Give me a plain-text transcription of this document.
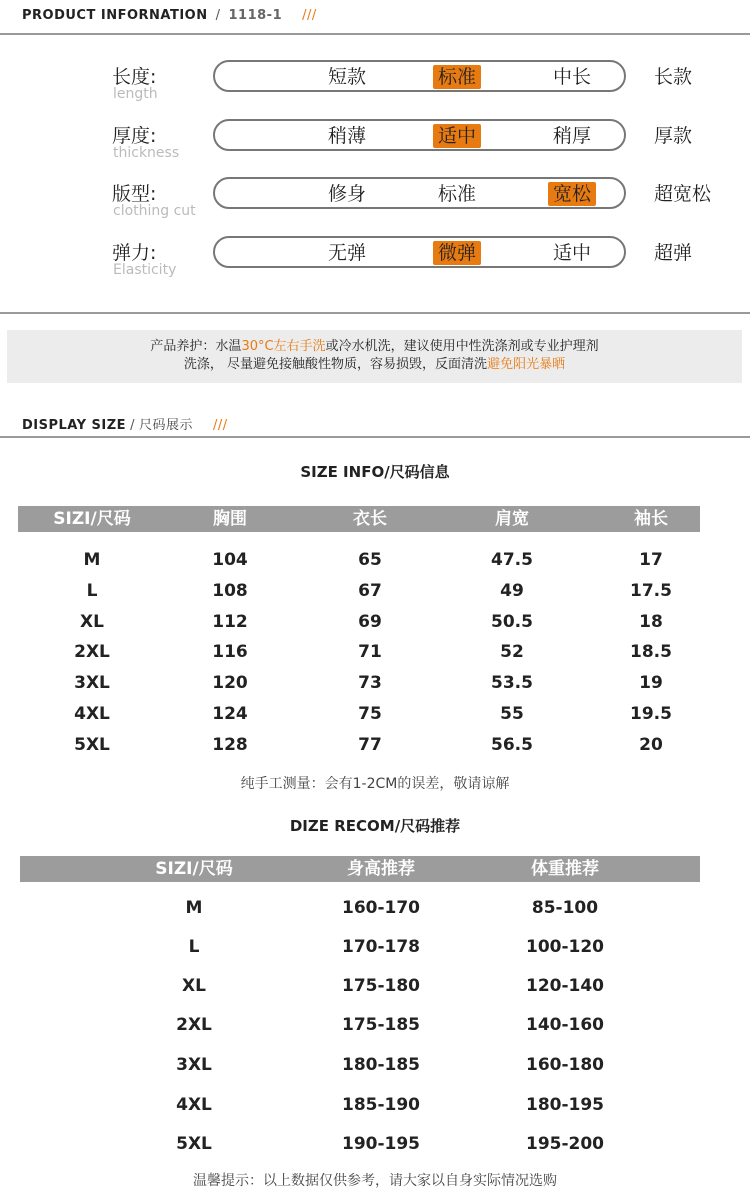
PRODUCT INFORNATION / 1118-1 ///
长度:
length
短款	标准	中长	长款
厚度:
thickness
稍薄	适中	稍厚	厚款
版型:
clothing cut
修身	标准	宽松	超宽松
弹力:
Elasticity
无弹	微弹	适中	超弹
产品养护：水温30°C左右手洗或冷水机洗，建议使用中性洗涤剂或专业护理剂
洗涤， 尽量避免接触酸性物质，容易损毁，反面清洗避免阳光暴晒
DISPLAY SIZE / 尺码展示 ///
SIZE INFO/尺码信息
SIZI/尺码	胸围	衣长	肩宽	袖长
M	104	65	47.5	17
L	108	67	49	17.5
XL	112	69	50.5	18
2XL	116	71	52	18.5
3XL	120	73	53.5	19
4XL	124	75	55	19.5
5XL	128	77	56.5	20
纯手工测量：会有1-2CM的误差，敬请谅解
DIZE RECOM/尺码推荐
SIZI/尺码	身高推荐	体重推荐
M	160-170	85-100
L	170-178	100-120
XL	175-180	120-140
2XL	175-185	140-160
3XL	180-185	160-180
4XL	185-190	180-195
5XL	190-195	195-200
温馨提示：以上数据仅供参考，请大家以自身实际情况选购
